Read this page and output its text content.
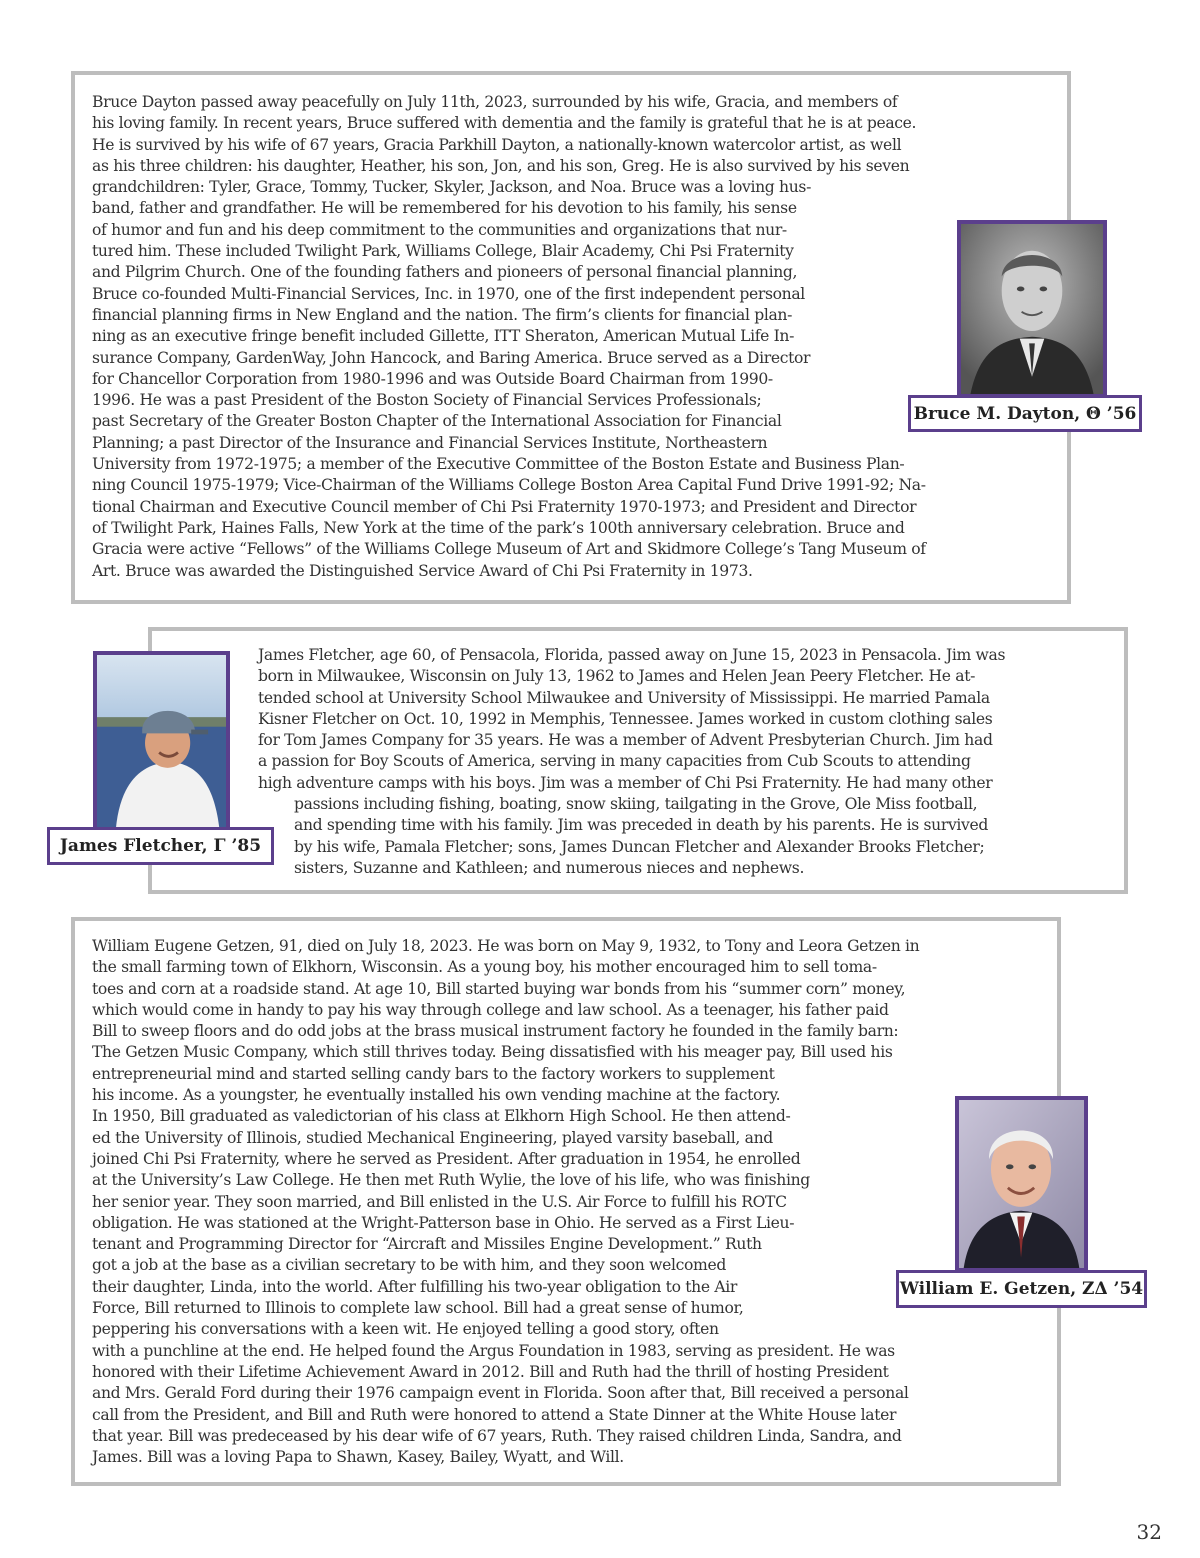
Bruce Dayton passed away peacefully on July 11th, 2023, surrounded by his wife, Gracia, and members of
his loving family. In recent years, Bruce suffered with dementia and the family is grateful that he is at peace.
He is survived by his wife of 67 years, Gracia Parkhill Dayton, a nationally-known watercolor artist, as well
as his three children: his daughter, Heather, his son, Jon, and his son, Greg. He is also survived by his seven
grandchildren: Tyler, Grace, Tommy, Tucker, Skyler, Jackson, and Noa. Bruce was a loving hus-
band, father and grandfather. He will be remembered for his devotion to his family, his sense
of humor and fun and his deep commitment to the communities and organizations that nur-
tured him. These included Twilight Park, Williams College, Blair Academy, Chi Psi Fraternity
and Pilgrim Church. One of the founding fathers and pioneers of personal financial planning,
Bruce co-founded Multi-Financial Services, Inc. in 1970, one of the first independent personal
financial planning firms in New England and the nation. The firm’s clients for financial plan-
ning as an executive fringe benefit included Gillette, ITT Sheraton, American Mutual Life In-
surance Company, GardenWay, John Hancock, and Baring America. Bruce served as a Director
for Chancellor Corporation from 1980-1996 and was Outside Board Chairman from 1990-
1996. He was a past President of the Boston Society of Financial Services Professionals;
past Secretary of the Greater Boston Chapter of the International Association for Financial
Planning; a past Director of the Insurance and Financial Services Institute, Northeastern
University from 1972-1975; a member of the Executive Committee of the Boston Estate and Business Plan-
ning Council 1975-1979; Vice-Chairman of the Williams College Boston Area Capital Fund Drive 1991-92; Na-
tional Chairman and Executive Council member of Chi Psi Fraternity 1970-1973; and President and Director
of Twilight Park, Haines Falls, New York at the time of the park’s 100th anniversary celebration. Bruce and
Gracia were active “Fellows” of the Williams College Museum of Art and Skidmore College’s Tang Museum of
Art. Bruce was awarded the Distinguished Service Award of Chi Psi Fraternity in 1973.

Bruce M. Dayton, Θ ’56
James Fletcher, Γ ’85

James Fletcher, age 60, of Pensacola, Florida, passed away on June 15, 2023 in Pensacola. Jim was
born in Milwaukee, Wisconsin on July 13, 1962 to James and Helen Jean Peery Fletcher. He at-
tended school at University School Milwaukee and University of Mississippi. He married Pamala
Kisner Fletcher on Oct. 10, 1992 in Memphis, Tennessee. James worked in custom clothing sales
for Tom James Company for 35 years. He was a member of Advent Presbyterian Church. Jim had
a passion for Boy Scouts of America, serving in many capacities from Cub Scouts to attending
high adventure camps with his boys. Jim was a member of Chi Psi Fraternity. He had many other

passions including fishing, boating, snow skiing, tailgating in the Grove, Ole Miss football,
and spending time with his family. Jim was preceded in death by his parents. He is survived
by his wife, Pamala Fletcher; sons, James Duncan Fletcher and Alexander Brooks Fletcher;
sisters, Suzanne and Kathleen; and numerous nieces and nephews.

William Eugene Getzen, 91, died on July 18, 2023. He was born on May 9, 1932, to Tony and Leora Getzen in
the small farming town of Elkhorn, Wisconsin. As a young boy, his mother encouraged him to sell toma-
toes and corn at a roadside stand. At age 10, Bill started buying war bonds from his “summer corn” money,
which would come in handy to pay his way through college and law school. As a teenager, his father paid
Bill to sweep floors and do odd jobs at the brass musical instrument factory he founded in the family barn:
The Getzen Music Company, which still thrives today. Being dissatisfied with his meager pay, Bill used his
entrepreneurial mind and started selling candy bars to the factory workers to supplement
his income. As a youngster, he eventually installed his own vending machine at the factory.
In 1950, Bill graduated as valedictorian of his class at Elkhorn High School. He then attend-
ed the University of Illinois, studied Mechanical Engineering, played varsity baseball, and
joined Chi Psi Fraternity, where he served as President. After graduation in 1954, he enrolled
at the University’s Law College. He then met Ruth Wylie, the love of his life, who was finishing
her senior year. They soon married, and Bill enlisted in the U.S. Air Force to fulfill his ROTC
obligation. He was stationed at the Wright-Patterson base in Ohio. He served as a First Lieu-
tenant and Programming Director for “Aircraft and Missiles Engine Development.” Ruth
got a job at the base as a civilian secretary to be with him, and they soon welcomed
their daughter, Linda, into the world. After fulfilling his two-year obligation to the Air
Force, Bill returned to Illinois to complete law school. Bill had a great sense of humor,
peppering his conversations with a keen wit. He enjoyed telling a good story, often
with a punchline at the end. He helped found the Argus Foundation in 1983, serving as president. He was
honored with their Lifetime Achievement Award in 2012. Bill and Ruth had the thrill of hosting President
and Mrs. Gerald Ford during their 1976 campaign event in Florida. Soon after that, Bill received a personal
call from the President, and Bill and Ruth were honored to attend a State Dinner at the White House later
that year. Bill was predeceased by his dear wife of 67 years, Ruth. They raised children Linda, Sandra, and
James. Bill was a loving Papa to Shawn, Kasey, Bailey, Wyatt, and Will.

William E. Getzen, ZΔ ’54
32
